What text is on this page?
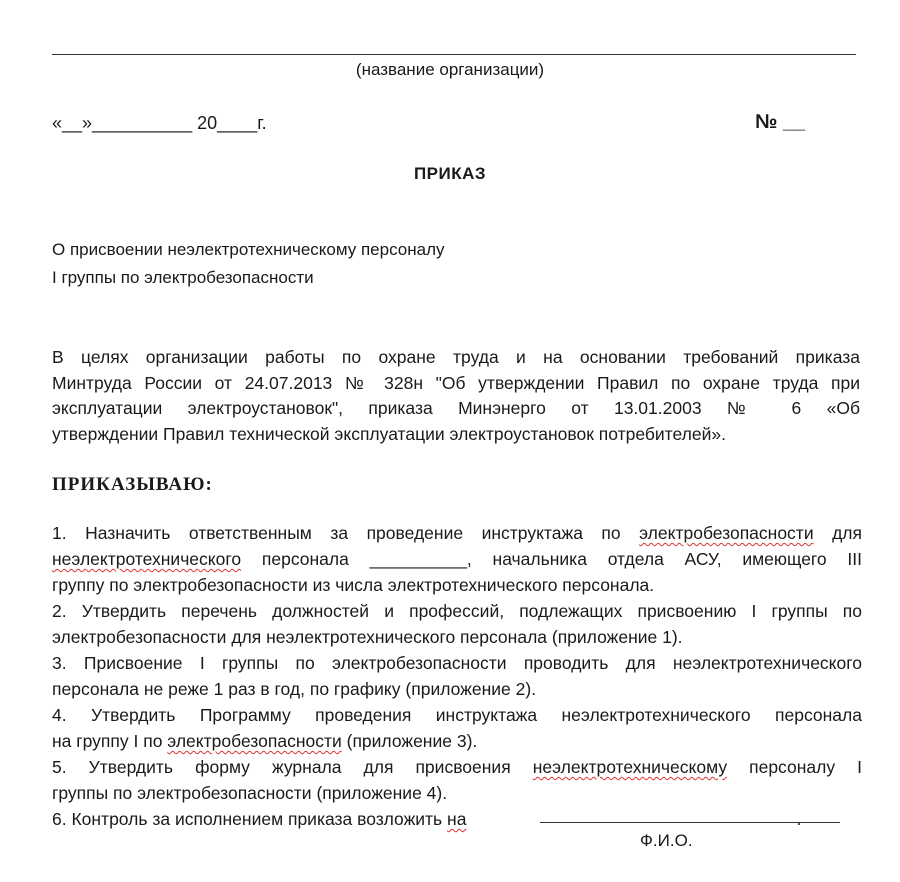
(название организации)
«__»__________ 20____г.	№ __
ПРИКАЗ
О присвоении неэлектротехническому персоналу
I группы по электробезопасности
В целях организации работы по охране труда и на основании требований приказа
Минтруда России от 24.07.2013 № 328н "Об утверждении Правил по охране труда при
эксплуатации электроустановок", приказа Минэнерго от 13.01.2003 № 6 «Об
утверждении Правил технической эксплуатации электроустановок потребителей».
ПРИКАЗЫВАЮ:
1. Назначить ответственным за проведение инструктажа по электробезопасности для
неэлектротехнического персонала __________, начальника отдела АСУ, имеющего III
группу по электробезопасности из числа электротехнического персонала.
2. Утвердить перечень должностей и профессий, подлежащих присвоению I группы по
электробезопасности для неэлектротехнического персонала (приложение 1).
3. Присвоение I группы по электробезопасности проводить для неэлектротехнического
персонала не реже 1 раз в год, по графику (приложение 2).
4. Утвердить Программу проведения инструктажа неэлектротехнического персонала
на группу I по электробезопасности (приложение 3).
5. Утвердить форму журнала для присвоения неэлектротехническому персоналу I
группы по электробезопасности (приложение 4).
6. Контроль за исполнением приказа возложить на	.
Ф.И.О.
